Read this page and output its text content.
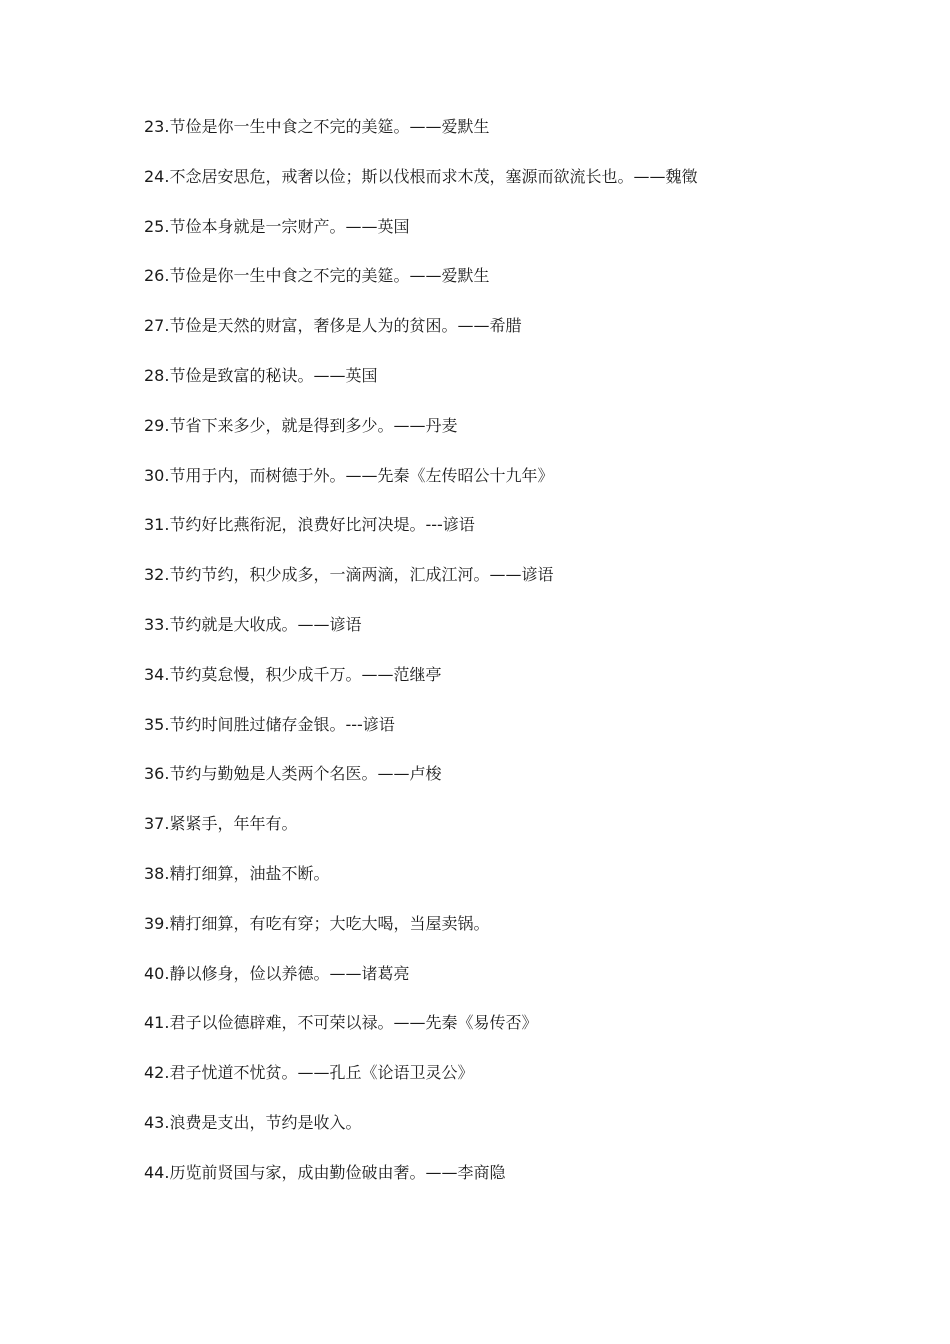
23.节俭是你一生中食之不完的美筵。——爱默生
24.不念居安思危，戒奢以俭；斯以伐根而求木茂，塞源而欲流长也。——魏徵
25.节俭本身就是一宗财产。——英国
26.节俭是你一生中食之不完的美筵。——爱默生
27.节俭是天然的财富，奢侈是人为的贫困。——希腊
28.节俭是致富的秘诀。——英国
29.节省下来多少，就是得到多少。——丹麦
30.节用于内，而树德于外。——先秦《左传昭公十九年》
31.节约好比燕衔泥，浪费好比河决堤。---谚语
32.节约节约，积少成多，一滴两滴，汇成江河。——谚语
33.节约就是大收成。——谚语
34.节约莫怠慢，积少成千万。——范继亭
35.节约时间胜过储存金银。---谚语
36.节约与勤勉是人类两个名医。——卢梭
37.紧紧手，年年有。
38.精打细算，油盐不断。
39.精打细算，有吃有穿；大吃大喝，当屋卖锅。
40.静以修身，俭以养德。——诸葛亮
41.君子以俭德辟难，不可荣以禄。——先秦《易传否》
42.君子忧道不忧贫。——孔丘《论语卫灵公》
43.浪费是支出，节约是收入。
44.历览前贤国与家，成由勤俭破由奢。——李商隐
